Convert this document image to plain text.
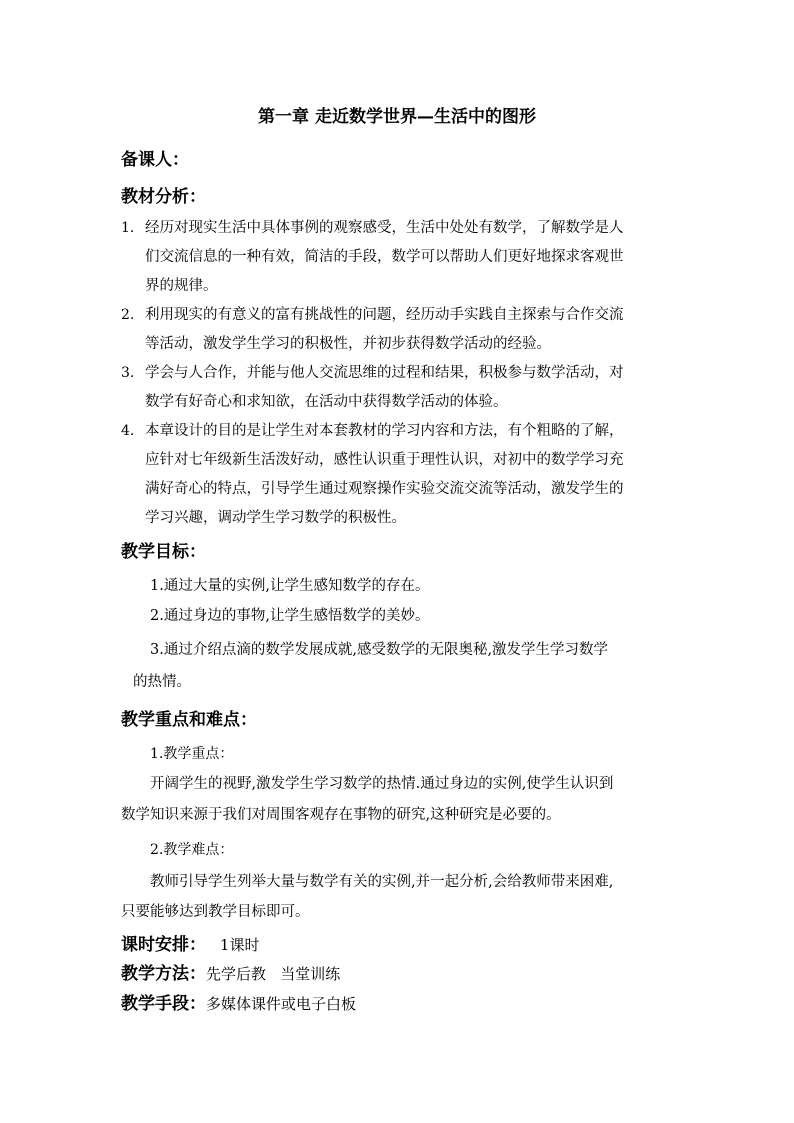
第一章 走近数学世界—生活中的图形
备课人：
教材分析：
1. 经历对现实生活中具体事例的观察感受，生活中处处有数学，了解数学是人
们交流信息的一种有效，简洁的手段，数学可以帮助人们更好地探求客观世
界的规律。
2. 利用现实的有意义的富有挑战性的问题，经历动手实践自主探索与合作交流
等活动，激发学生学习的积极性，并初步获得数学活动的经验。
3. 学会与人合作，并能与他人交流思维的过程和结果，积极参与数学活动，对
数学有好奇心和求知欲，在活动中获得数学活动的体验。
4. 本章设计的目的是让学生对本套教材的学习内容和方法，有个粗略的了解，
应针对七年级新生活泼好动，感性认识重于理性认识，对初中的数学学习充
满好奇心的特点，引导学生通过观察操作实验交流交流等活动，激发学生的
学习兴趣，调动学生学习数学的积极性。
教学目标：
1.通过大量的实例,让学生感知数学的存在。
2.通过身边的事物,让学生感悟数学的美妙。
3.通过介绍点滴的数学发展成就,感受数学的无限奥秘,激发学生学习数学
的热情。
教学重点和难点：
1.教学重点：
开阔学生的视野,激发学生学习数学的热情.通过身边的实例,使学生认识到
数学知识来源于我们对周围客观存在事物的研究,这种研究是必要的。
2.教学难点：
教师引导学生列举大量与数学有关的实例,并一起分析,会给教师带来困难,
只要能够达到教学目标即可。
课时安排： 1课时
教学方法：先学后教   当堂训练
教学手段：多媒体课件或电子白板
